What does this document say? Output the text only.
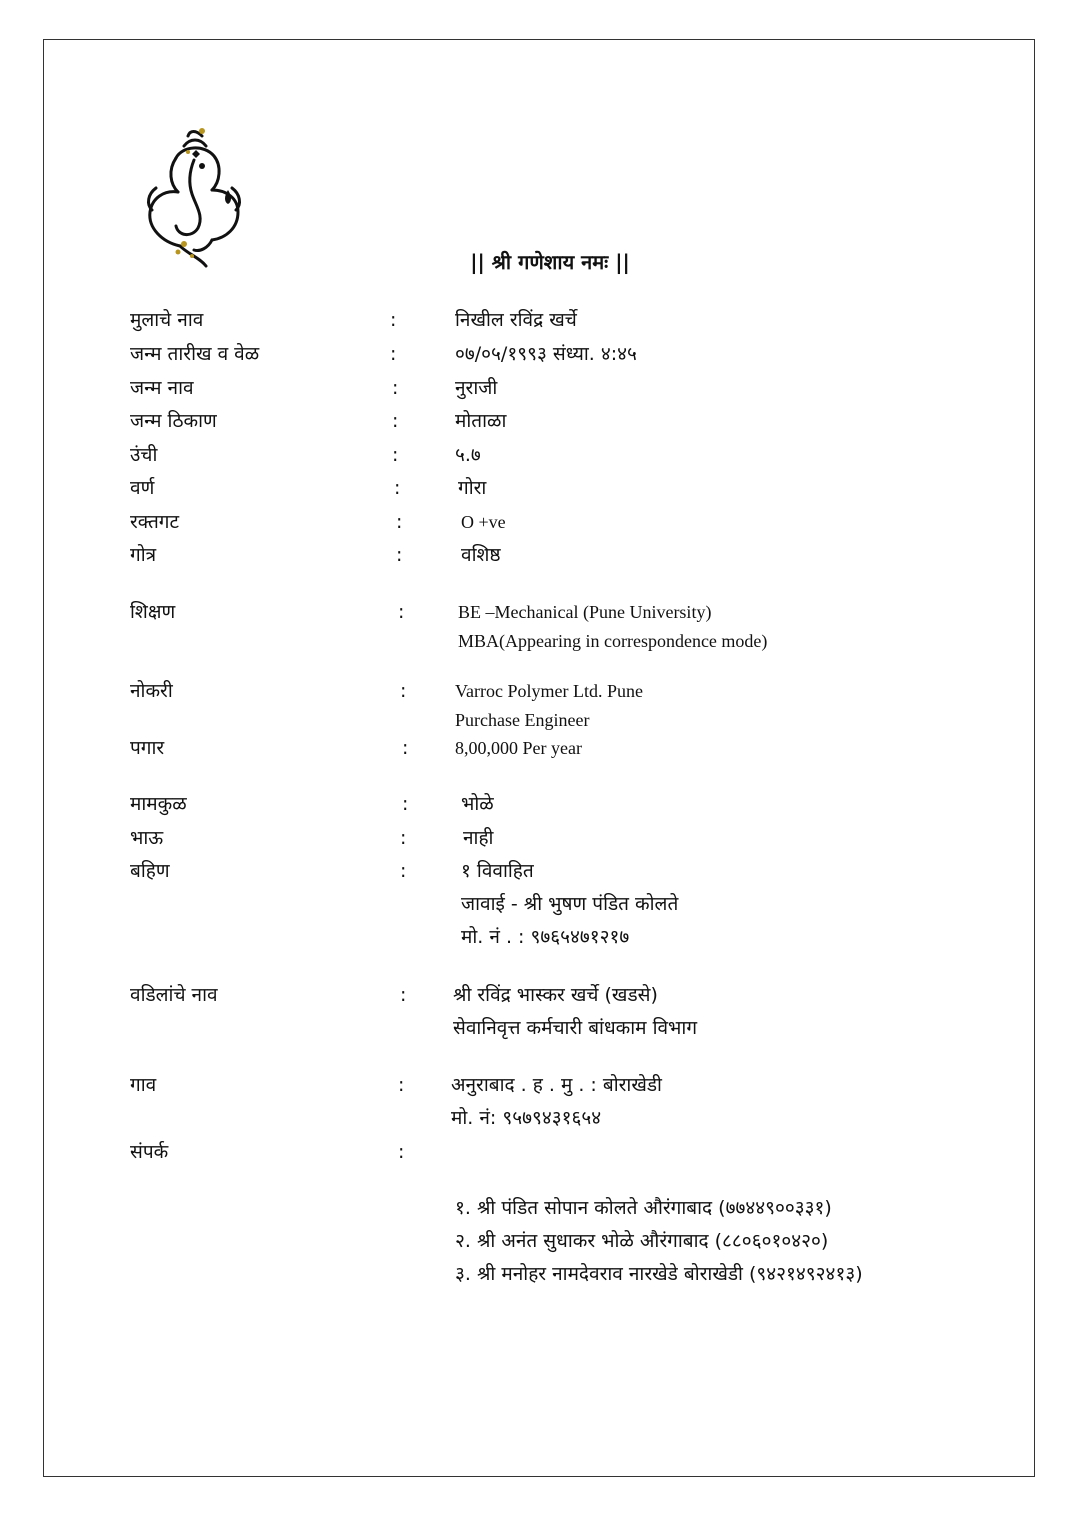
|| श्री गणेशाय नमः ||
मुलाचे नाव	:	निखील रविंद्र खर्चे
जन्म तारीख व वेळ	:	०७/०५/१९९३ संध्या. ४:४५
जन्म नाव	:	नुराजी
जन्म ठिकाण	:	मोताळा
उंची	:	५.७
वर्ण	:	गोरा
रक्तगट	:	O +ve
गोत्र	:	वशिष्ठ
शिक्षण	:	BE –Mechanical (Pune University)
MBA(Appearing in correspondence mode)
नोकरी	:	Varroc Polymer Ltd. Pune
Purchase Engineer
पगार	:	8,00,000 Per year
मामकुळ	:	भोळे
भाऊ	:	नाही
बहिण	:	१ विवाहित
जावाई - श्री भुषण पंडित कोलते
मो. नं . : ९७६५४७१२१७
वडिलांचे नाव	: श्री रविंद्र भास्कर खर्चे (खडसे)
सेवानिवृत्त कर्मचारी बांधकाम विभाग
गाव	: अनुराबाद . ह . मु . : बोराखेडी
मो. नं: ९५७९४३१६५४
संपर्क	:
१. श्री पंडित सोपान कोलते औरंगाबाद (७७४४९००३३१)
२. श्री अनंत सुधाकर भोळे औरंगाबाद (८८०६०१०४२०)
३. श्री मनोहर नामदेवराव नारखेडे बोराखेडी (९४२१४९२४१३)
